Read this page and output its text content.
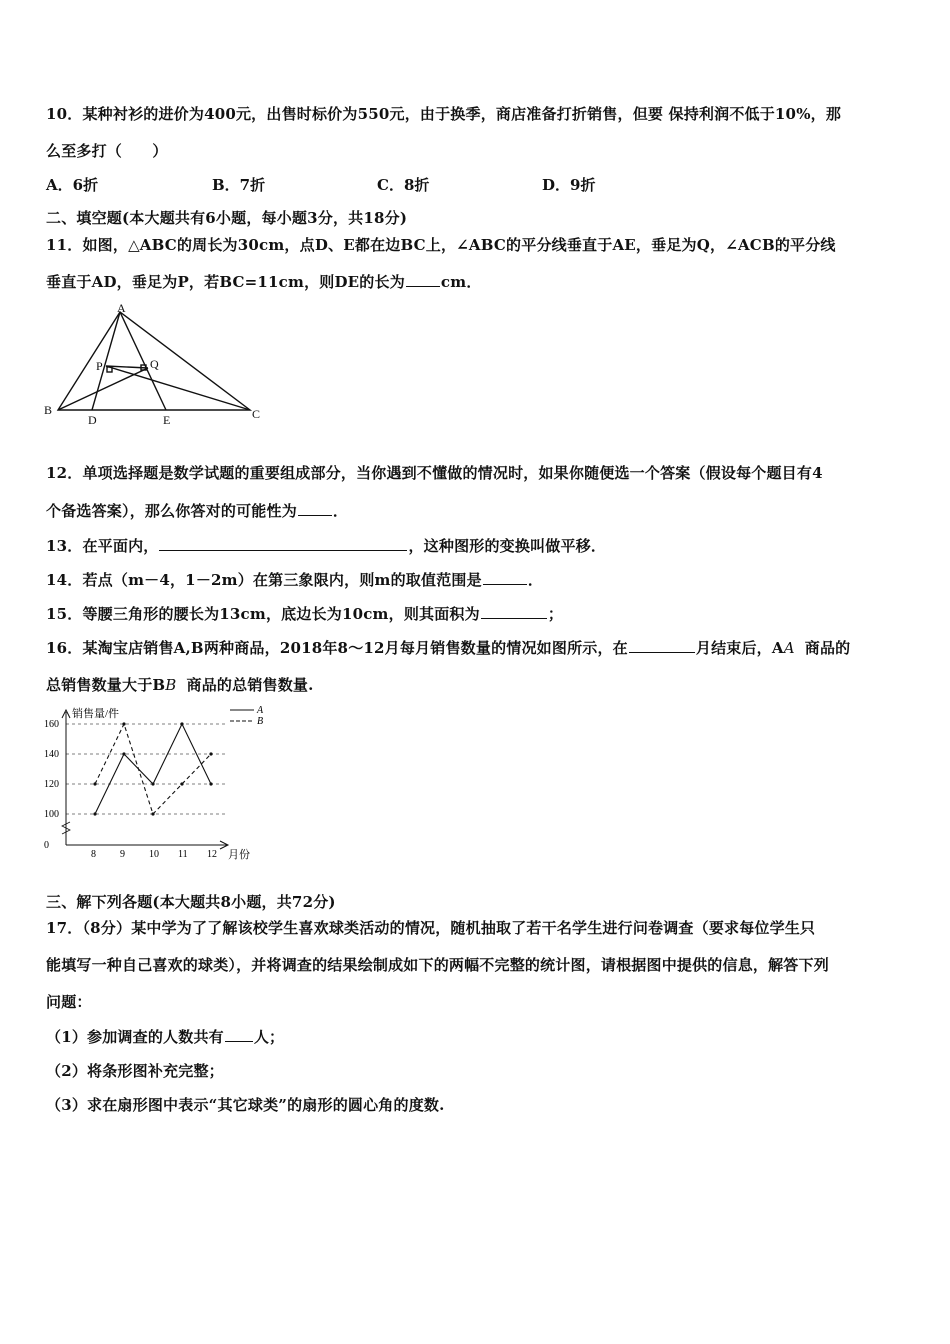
10．某种衬衫的进价为400元，出售时标价为550元，由于换季，商店准备打折销售，但要 保持利润不低于10%，那
么至多打（　　）
A．6折	B．7折	C．8折	D．9折
二、填空题(本大题共有6小题，每小题3分，共18分)
11．如图，△ABC的周长为30cm，点D、E都在边BC上，∠ABC的平分线垂直于AE，垂足为Q，∠ACB的平分线
垂直于AD，垂足为P，若BC=11cm，则DE的长为 cm．
A
B	C
D	E
P	Q
12．单项选择题是数学试题的重要组成部分，当你遇到不懂做的情况时，如果你随便选一个答案（假设每个题目有4
个备选答案），那么你答对的可能性为 ．
13．在平面内，	，这种图形的变换叫做平移．
14．若点（m－4，1－2m）在第三象限内，则m的取值范围是	．
15．等腰三角形的腰长为13cm，底边长为10cm，则其面积为	；
16．某淘宝店销售A,B两种商品，2018年8～12月每月销售数量的情况如图所示，在	月结束后，AA 商品的
总销售数量大于BB 商品的总销售数量.
销售量/件
月份
0
100
120
140
160
8 9 10 11 12
A
B
三、解下列各题(本大题共8小题，共72分)
17．（8分）某中学为了了解该校学生喜欢球类活动的情况，随机抽取了若干名学生进行问卷调查（要求每位学生只
能填写一种自己喜欢的球类），并将调查的结果绘制成如下的两幅不完整的统计图，请根据图中提供的信息，解答下列
问题：
（1）参加调查的人数共有 人；
（2）将条形图补充完整；
（3）求在扇形图中表示“其它球类”的扇形的圆心角的度数.
